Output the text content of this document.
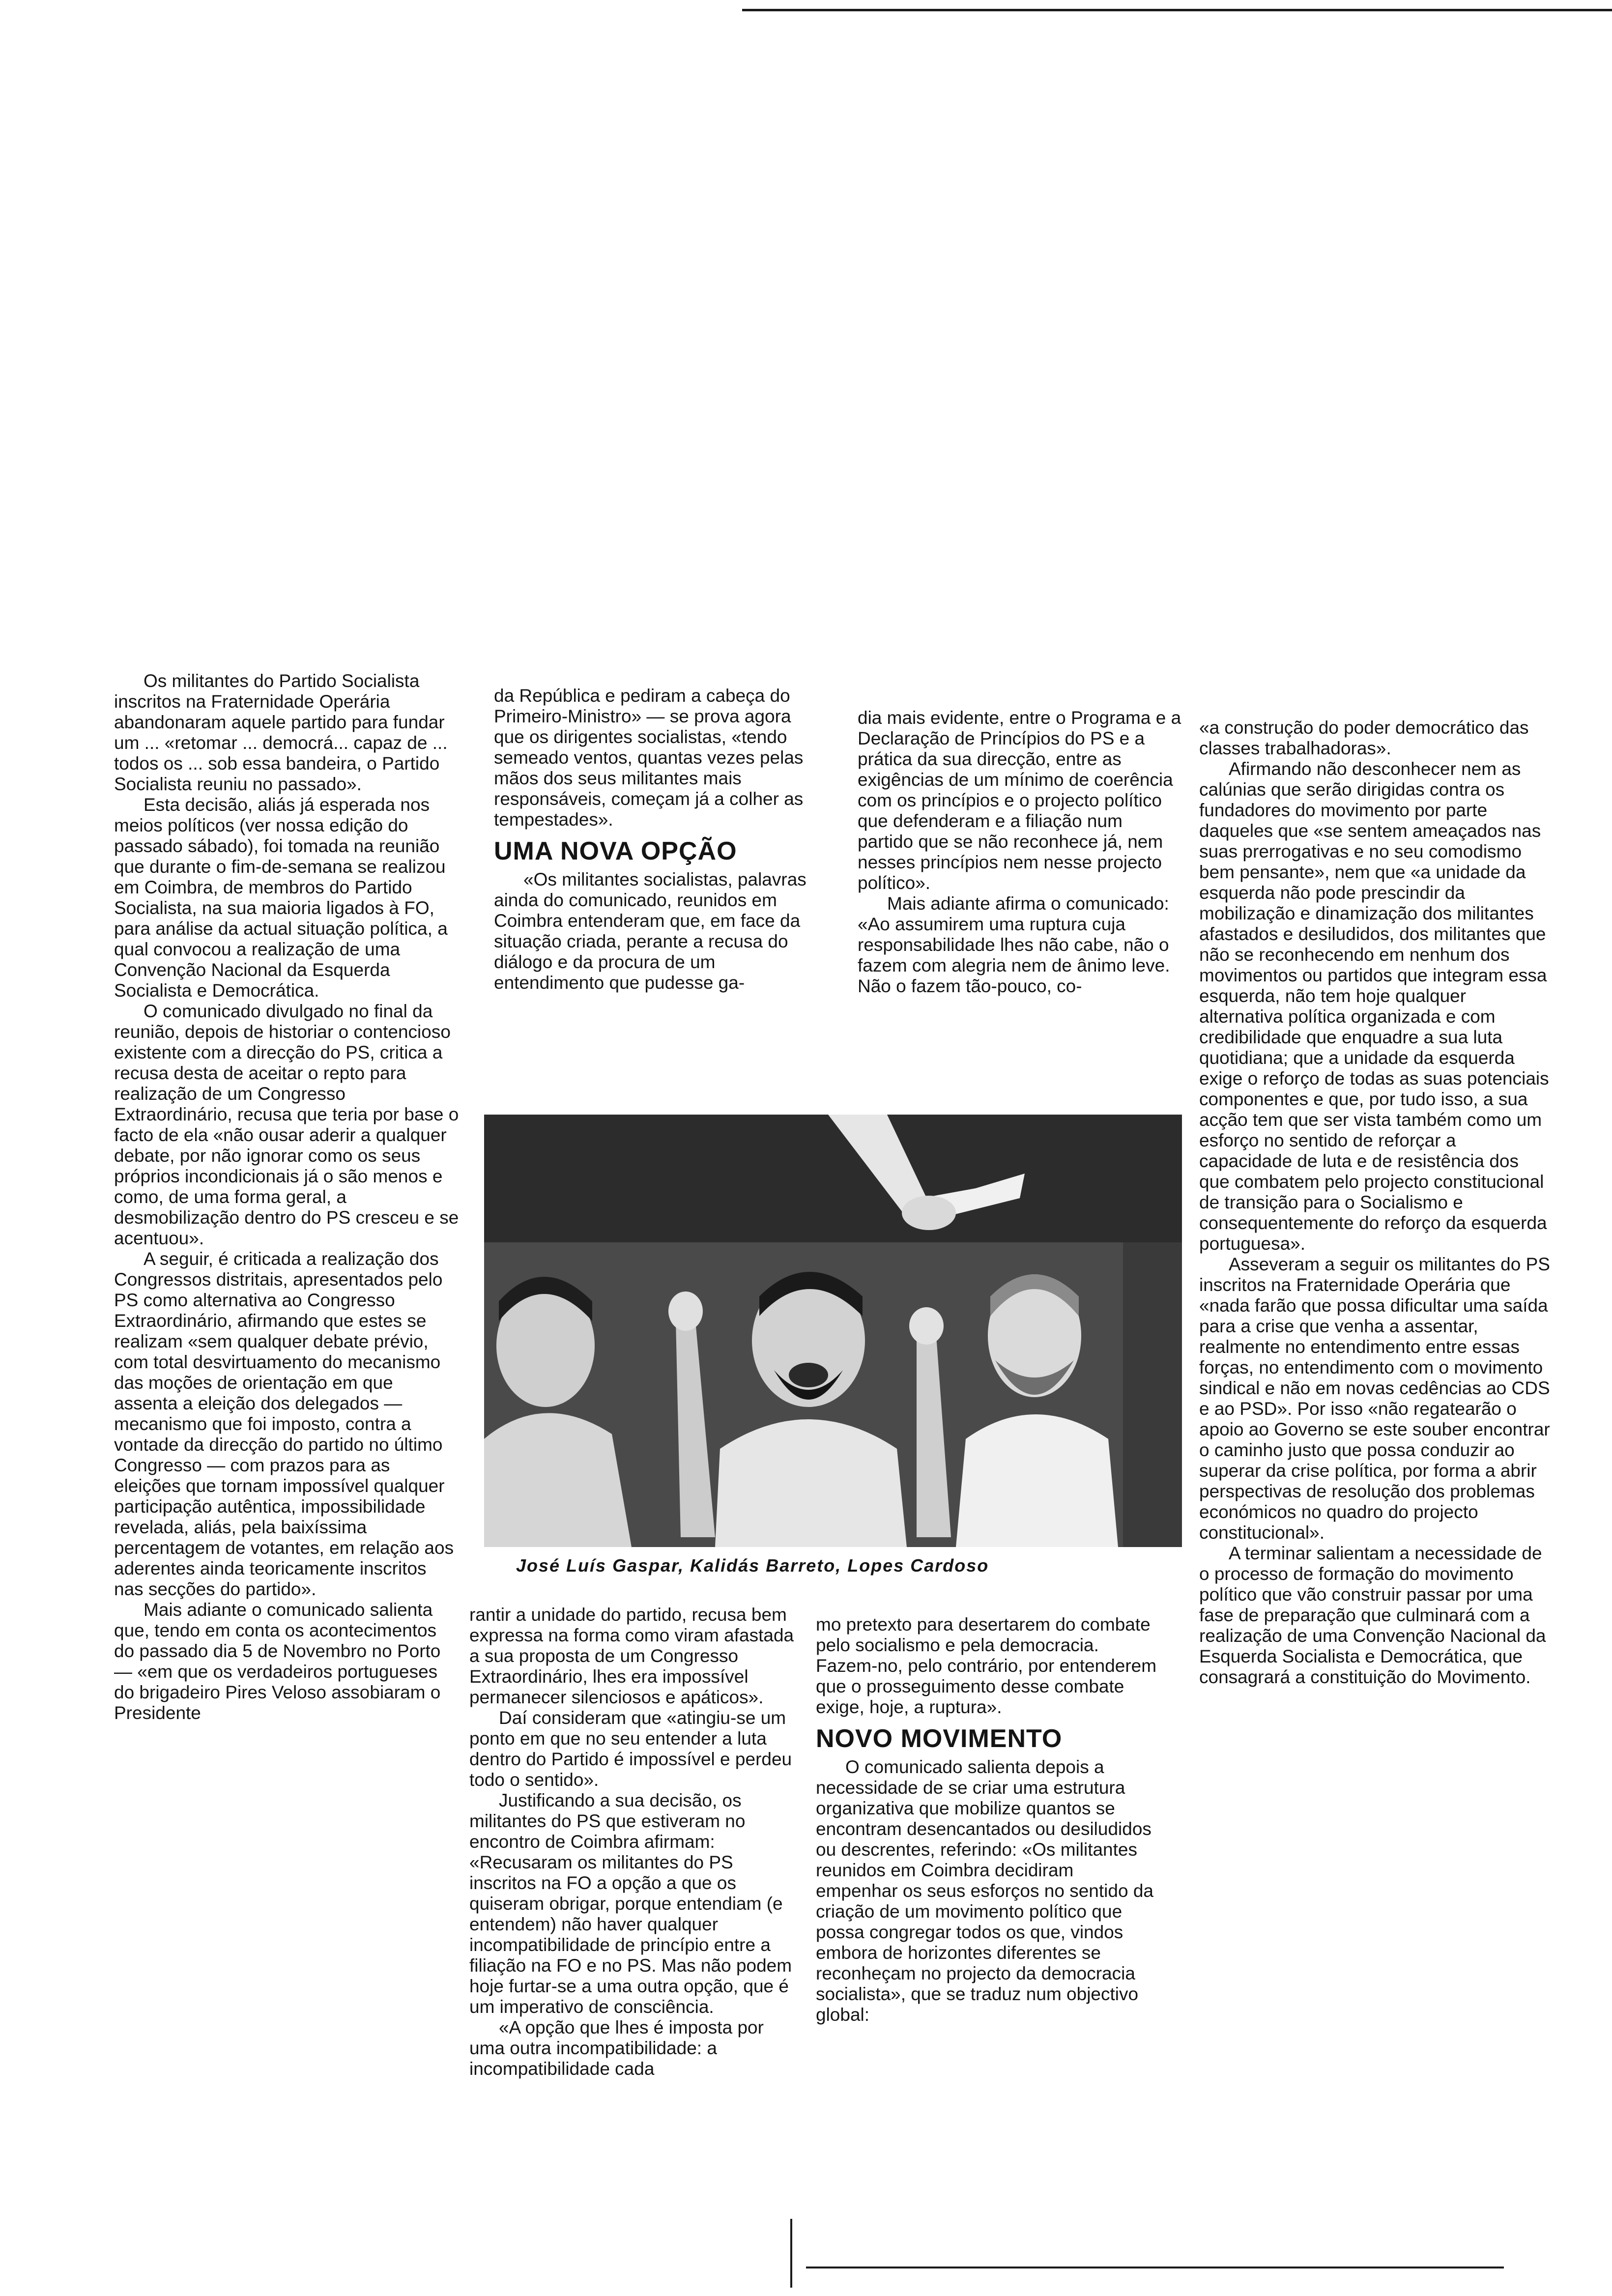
Os militantes do Partido Socialista inscritos na Fraternidade Operária abandonaram aquele partido para fundar um ... «retomar ... democrá... capaz de ... todos os ... sob essa bandeira, o Partido Socialista reuniu no passado».

Esta decisão, aliás já esperada nos meios políticos (ver nossa edição do passado sábado), foi tomada na reunião que durante o fim-de-semana se realizou em Coimbra, de membros do Partido Socialista, na sua maioria ligados à FO, para análise da actual situação política, a qual convocou a realização de uma Convenção Nacional da Esquerda Socialista e Democrática.

O comunicado divulgado no final da reunião, depois de historiar o contencioso existente com a direcção do PS, critica a recusa desta de aceitar o repto para realização de um Congresso Extraordinário, recusa que teria por base o facto de ela «não ousar aderir a qualquer debate, por não ignorar como os seus próprios incondicionais já o são menos e como, de uma forma geral, a desmobilização dentro do PS cresceu e se acentuou».

A seguir, é criticada a realização dos Congressos distritais, apresentados pelo PS como alternativa ao Congresso Extraordinário, afirmando que estes se realizam «sem qualquer debate prévio, com total desvirtuamento do mecanismo das moções de orientação em que assenta a eleição dos delegados — mecanismo que foi imposto, contra a vontade da direcção do partido no último Congresso — com prazos para as eleições que tornam impossível qualquer participação autêntica, impossibilidade revelada, aliás, pela baixíssima percentagem de votantes, em relação aos aderentes ainda teoricamente inscritos nas secções do partido».

Mais adiante o comunicado salienta que, tendo em conta os acontecimentos do passado dia 5 de Novembro no Porto — «em que os verdadeiros portugueses do brigadeiro Pires Veloso assobiaram o Presidente

da República e pediram a cabeça do Primeiro-Ministro» — se prova agora que os dirigentes socialistas, «tendo semeado ventos, quantas vezes pelas mãos dos seus militantes mais responsáveis, começam já a colher as tempestades».

UMA NOVA OPÇÃO

«Os militantes socialistas, palavras ainda do comunicado, reunidos em Coimbra entenderam que, em face da situação criada, perante a recusa do diálogo e da procura de um entendimento que pudesse ga-

dia mais evidente, entre o Programa e a Declaração de Princípios do PS e a prática da sua direcção, entre as exigências de um mínimo de coerência com os princípios e o projecto político que defenderam e a filiação num partido que se não reconhece já, nem nesses princípios nem nesse projecto político».

Mais adiante afirma o comunicado: «Ao assumirem uma ruptura cuja responsabilidade lhes não cabe, não o fazem com alegria nem de ânimo leve. Não o fazem tão-pouco, co-

«a construção do poder democrático das classes trabalhadoras».

Afirmando não desconhecer nem as calúnias que serão dirigidas contra os fundadores do movimento por parte daqueles que «se sentem ameaçados nas suas prerrogativas e no seu comodismo bem pensante», nem que «a unidade da esquerda não pode prescindir da mobilização e dinamização dos militantes afastados e desiludidos, dos militantes que não se reconhecendo em nenhum dos movimentos ou partidos que integram essa esquerda, não tem hoje qualquer alternativa política organizada e com credibilidade que enquadre a sua luta quotidiana; que a unidade da esquerda exige o reforço de todas as suas potenciais componentes e que, por tudo isso, a sua acção tem que ser vista também como um esforço no sentido de reforçar a capacidade de luta e de resistência dos que combatem pelo projecto constitucional de transição para o Socialismo e consequentemente do reforço da esquerda portuguesa».

Asseveram a seguir os militantes do PS inscritos na Fraternidade Operária que «nada farão que possa dificultar uma saída para a crise que venha a assentar, realmente no entendimento entre essas forças, no entendimento com o movimento sindical e não em novas cedências ao CDS e ao PSD». Por isso «não regatearão o apoio ao Governo se este souber encontrar o caminho justo que possa conduzir ao superar da crise política, por forma a abrir perspectivas de resolução dos problemas económicos no quadro do projecto constitucional».

A terminar salientam a necessidade de o processo de formação do movimento político que vão construir passar por uma fase de preparação que culminará com a realização de uma Convenção Nacional da Esquerda Socialista e Democrática, que consagrará a constituição do Movimento.

José Luís Gaspar, Kalidás Barreto, Lopes Cardoso

rantir a unidade do partido, recusa bem expressa na forma como viram afastada a sua proposta de um Congresso Extraordinário, lhes era impossível permanecer silenciosos e apáticos».

Daí consideram que «atingiu-se um ponto em que no seu entender a luta dentro do Partido é impossível e perdeu todo o sentido».

Justificando a sua decisão, os militantes do PS que estiveram no encontro de Coimbra afirmam: «Recusaram os militantes do PS inscritos na FO a opção a que os quiseram obrigar, porque entendiam (e entendem) não haver qualquer incompatibilidade de princípio entre a filiação na FO e no PS. Mas não podem hoje furtar-se a uma outra opção, que é um imperativo de consciência.

«A opção que lhes é imposta por uma outra incompatibilidade: a incompatibilidade cada

mo pretexto para desertarem do combate pelo socialismo e pela democracia. Fazem-no, pelo contrário, por entenderem que o prosseguimento desse combate exige, hoje, a ruptura».

NOVO MOVIMENTO

O comunicado salienta depois a necessidade de se criar uma estrutura organizativa que mobilize quantos se encontram desencantados ou desiludidos ou descrentes, referindo: «Os militantes reunidos em Coimbra decidiram empenhar os seus esforços no sentido da criação de um movimento político que possa congregar todos os que, vindos embora de horizontes diferentes se reconheçam no projecto da democracia socialista», que se traduz num objectivo global:
